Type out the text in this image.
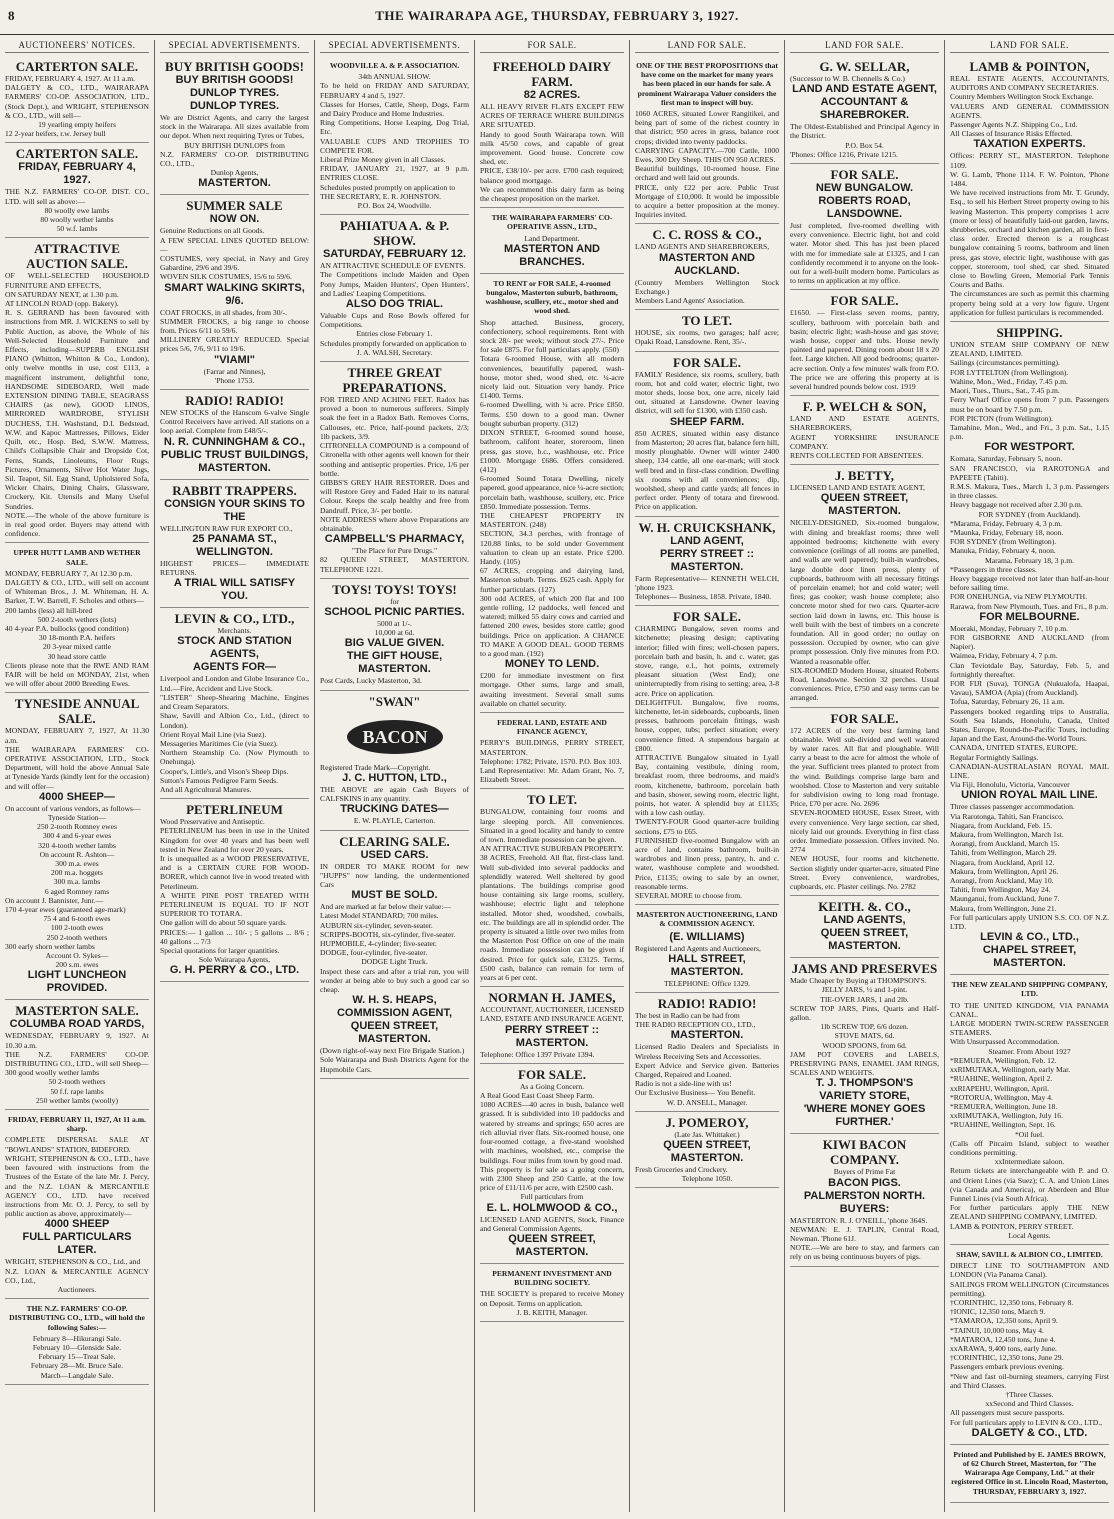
8	THE WAIRARAPA AGE, THURSDAY, FEBRUARY 3, 1927.
AUCTIONEERS' NOTICES.
CARTERTON SALE.
FRIDAY, FEBRUARY 4, 1927. At 11 a.m.
DALGETY & CO., LTD., WAIRARAPA FARMERS' CO-OP. ASSOCIATION, LTD., (Stock Dept.), and WRIGHT, STEPHENSON & CO., LTD., will sell—
19 yearling empty heifers
12 2-year heifers, r.w. Jersey bull
CARTERTON SALE.
FRIDAY, FEBRUARY 4, 1927.
THE N.Z. FARMERS' CO-OP. DIST. CO., LTD. will sell as above:—
80 woolly ewe lambs
80 woolly wether lambs
50 w.f. lambs
ATTRACTIVE AUCTION SALE.
OF WELL-SELECTED HOUSEHOLD FURNITURE AND EFFECTS,
ON SATURDAY NEXT, at 1.30 p.m.
AT LINCOLN ROAD (opp. Bakery).
R. S. GERRAND has been favoured with instructions from MR. J. WICKENS to sell by Public Auction, as above, the Whole of his Well-Selected Household Furniture and Effects, including—SUPERB ENGLISH PIANO (Whitton, Whitton & Co., London), only twelve months in use, cost £113, a magnificent instrument, delightful tone, HANDSOME SIDEBOARD, Well made EXTENSION DINING TABLE, SEAGRASS CHAIRS (as new), GOOD LINOS, MIRRORED WARDROBE, STYLISH DUCHESS, T.H. Washstand, D.I. Bedstead, W.W. and Kapoc Mattresses, Pillows, Eider Quilt, etc., Hosp. Bed, S.W.W. Mattress, Child's Collapsible Chair and Dropside Cot, Ferns, Stands, Linoleums, Floor Rugs, Pictures, Ornaments, Silver Hot Water Jugs, Sil. Teapot, Sil. Egg Stand, Upholstered Sofa, Wicker Chairs, Dining Chairs, Glassware, Crockery, Kit. Utensils and Many Useful Sundries.
NOTE.—The whole of the above furniture is in real good order. Buyers may attend with confidence.
UPPER HUTT LAMB AND WETHER SALE.
MONDAY, FEBRUARY 7, At 12.30 p.m.
DALGETY & CO., LTD., will sell on account of Whiteman Bros., J. M. Whiteman, H. A. Barker, T. W. Barrell, F. Scholes and others—
200 lambs (less) all hill-bred
500 2-tooth wethers (lots)
40 4-year P.A. bullocks (good condition)
30 18-month P.A. heifers
20 3-year mixed cattle
30 head store cattle
Clients please note that the RWE AND RAM FAIR will be held on MONDAY, 21st, when we will offer about 2000 Breeding Ewes.
TYNESIDE ANNUAL SALE.
MONDAY, FEBRUARY 7, 1927, At 11.30 a.m.
THE WAIRARAPA FARMERS' CO-OPERATIVE ASSOCIATION, LTD., Stock Department, will hold the above Annual Sale at Tyneside Yards (kindly lent for the occasion) and will offer—
4000 SHEEP—
On account of various vendors, as follows—
Tyneside Station—
250 2-tooth Romney ewes
300 4 and 6-year ewes
320 4-tooth wether lambs
On account R. Ashton—
300 m.a. ewes
200 m.a. hoggets
300 m.a. lambs
6 aged Romney rams
On account J. Bannister, Junr.—
170 4-year ewes (guaranteed age-mark)
75 4 and 6-tooth ewes
100 2-tooth ewes
250 2-tooth wethers
300 early shorn wether lambs
Account O. Sykes—
200 s.m. ewes
LIGHT LUNCHEON PROVIDED.
MASTERTON SALE.
COLUMBA ROAD YARDS,
WEDNESDAY, FEBRUARY 9, 1927. At 10.30 a.m.
THE N.Z. FARMERS' CO-OP. DISTRIBUTING CO., LTD., will sell Sheep—
300 good woolly wether lambs
50 2-tooth wethers
50 f.f. rape lambs
250 wether lambs (woolly)
FRIDAY, FEBRUARY 11, 1927, At 11 a.m. sharp.
COMPLETE DISPERSAL SALE AT "BOWLANDS" STATION, BIDEFORD.
WRIGHT, STEPHENSON & CO., LTD., have been favoured with instructions from the Trustees of the Estate of the late Mr. J. Percy, and the N.Z. LOAN & MERCANTILE AGENCY CO., LTD. have received instructions from Mr. O. J. Percy, to sell by public auction as above, approximately—
4000 SHEEP
FULL PARTICULARS LATER.
WRIGHT, STEPHENSON & CO., Ltd., and
N.Z. LOAN & MERCANTILE AGENCY CO., Ltd.,
Auctioneers.
THE N.Z. FARMERS' CO-OP. DISTRIBUTING CO., LTD., will hold the following Sales:—
February 8—Hikurangi Sale.
February 10—Glenside Sale.
February 15—Treat Sale.
February 28—Mt. Bruce Sale.
March—Langdale Sale.
SPECIAL ADVERTISEMENTS.
BUY BRITISH GOODS!
BUY BRITISH GOODS!
DUNLOP TYRES.
DUNLOP TYRES.
We are District Agents, and carry the largest stock in the Wairarapa. All sizes available from our depot. When next requiring Tyres or Tubes,
BUY BRITISH DUNLOPS from
N.Z. FARMERS' CO-OP. DISTRIBUTING CO., LTD.,
Dunlop Agents,
MASTERTON.
SUMMER SALE
NOW ON.
Genuine Reductions on all Goods.
A FEW SPECIAL LINES QUOTED BELOW:—
COSTUMES, very special, in Navy and Grey Gabardine, 29/6 and 39/6.
WOVEN SILK COSTUMES, 15/6 to 59/6.
SMART WALKING SKIRTS, 9/6.
COAT FROCKS, in all shades, from 30/-.
SUMMER FROCKS, a big range to choose from. Prices 6/11 to 59/6.
MILLINERY GREATLY REDUCED. Special prices 5/6, 7/6, 9/11 to 19/6.
"VIAMI"
(Farrar and Ninnes),
'Phone 1753.
RADIO! RADIO!
NEW STOCKS of the Hanscom 6-valve Single Control Receivers have arrived. All stations on a loop aerial. Complete from £48/5/-.
N. R. CUNNINGHAM & CO.,
PUBLIC TRUST BUILDINGS,
MASTERTON.
RABBIT TRAPPERS.
CONSIGN YOUR SKINS TO THE
WELLINGTON RAW FUR EXPORT CO.,
25 PANAMA ST., WELLINGTON.
HIGHEST PRICES— IMMEDIATE RETURNS.
A TRIAL WILL SATISFY YOU.
LEVIN & CO., LTD.,
Merchants.
STOCK AND STATION AGENTS,
AGENTS FOR—
Liverpool and London and Globe Insurance Co., Ltd.—Fire, Accident and Live Stock.
"LISTER" Sheep-Shearing Machine, Engines and Cream Separators.
Shaw, Savill and Albion Co., Ltd., (direct to London).
Orient Royal Mail Line (via Suez).
Messageries Maritimes Cie (via Suez).
Northern Steamship Co. (Now Plymouth to Onehunga).
Cooper's, Little's, and Vison's Sheep Dips.
Sutton's Famous Pedigree Farm Seeds.
And all Agricultural Manures.
PETERLINEUM
Wood Preservative and Antiseptic.
PETERLINEUM has been in use in the United Kingdom for over 40 years and has been well tested in New Zealand for over 20 years.
It is unequalled as a WOOD PRESERVATIVE, and is a CERTAIN CURE FOR WOOD-BORER, which cannot live in wood treated with Peterlineum.
A WHITE PINE POST TREATED WITH PETERLINEUM IS EQUAL TO IF NOT SUPERIOR TO TOTARA.
One gallon will do about 50 square yards.
PRICES:— 1 gallon ... 10/- ; 5 gallons ... 8/6 ; 40 gallons ... 7/3
Special quotations for larger quantities.
Sole Wairarapa Agents,
G. H. PERRY & CO., LTD.
SPECIAL ADVERTISEMENTS.
WOODVILLE A. & P. ASSOCIATION.
34th ANNUAL SHOW.
To be held on FRIDAY AND SATURDAY, FEBRUARY 4 and 5, 1927.
Classes for Horses, Cattle, Sheep, Dogs, Farm and Dairy Produce and Home Industries.
Ring Competitions, Horse Leaping, Dog Trial, Etc.
VALUABLE CUPS AND TROPHIES TO COMPETE FOR.
Liberal Prize Money given in all Classes.
FRIDAY, JANUARY 21, 1927, at 9 p.m. ENTRIES CLOSE.
Schedules posted promptly on application to
THE SECRETARY, E. R. JOHNSTON.
P.O. Box 24, Woodville.
PAHIATUA A. & P. SHOW.
SATURDAY, FEBRUARY 12.
AN ATTRACTIVE SCHEDULE OF EVENTS.
The Competitions include Maiden and Open Pony Jumps, Maiden Hunters', Open Hunters', and Ladies' Leaping Competitions.
ALSO DOG TRIAL.
Valuable Cups and Rose Bowls offered for Competitions.
Entries close February 1.
Schedules promptly forwarded on application to
J. A. WALSH, Secretary.
THREE GREAT PREPARATIONS.
FOR TIRED AND ACHING FEET. Radox has proved a boon to numerous sufferers. Simply soak the feet in a Radox Bath. Removes Corns, Callouses, etc. Price, half-pound packets, 2/3; 1lb packets, 3/9.
CITRONELLA COMPOUND is a compound of Citronella with other agents well known for their soothing and antiseptic properties. Price, 1/6 per bottle.
GIBBS'S GREY HAIR RESTORER. Does and will Restore Grey and Faded Hair to its natural Colour. Keeps the scalp healthy and free from Dandruff. Price, 3/- per bottle.
NOTE ADDRESS where above Preparations are obtainable.
CAMPBELL'S PHARMACY,
"The Place for Pure Drugs."
82 QUEEN STREET, MASTERTON. TELEPHONE 1221.
TOYS! TOYS! TOYS!
for
SCHOOL PICNIC PARTIES.
5000 at 1/-.
10,000 at 6d.
BIG VALUE GIVEN.
THE GIFT HOUSE,
MASTERTON.
Post Cards, Lucky Masterton, 3d.
"SWAN"
BACON
Registered Trade Mark—Copyright.
J. C. HUTTON, LTD.,
THE ABOVE are again Cash Buyers of CALFSKINS in any quantity.
TRUCKING DATES—
E. W. PLAYLE, Carterton.
CLEARING SALE.
USED CARS.
IN ORDER TO MAKE ROOM for new "HUPPS" now landing, the undermentioned Cars
MUST BE SOLD.
And are marked at far below their value:—
Latest Model STANDARD; 700 miles.
AUBURN six-cylinder, seven-seater.
SCRIPPS-BOOTH, six-cylinder, five-seater.
HUPMOBILE, 4-cylinder; five-seater.
DODGE, four-cylinder, five-seater.
DODGE Light Truck.
Inspect these cars and after a trial run, you will wonder at being able to buy such a good car so cheap.
W. H. S. HEAPS,
COMMISSION AGENT,
QUEEN STREET, MASTERTON.
(Down right-of-way next Fire Brigade Station.)
Sole Wairarapa and Bush Districts Agent for the Hupmobile Cars.
FOR SALE.
FREEHOLD DAIRY FARM.
82 ACRES.
ALL HEAVY RIVER FLATS EXCEPT FEW ACRES OF TERRACE WHERE BUILDINGS ARE SITUATED.
Handy to good South Wairarapa town. Will milk 45/50 cows, and capable of great improvement. Good house. Concrete cow shed, etc.
PRICE, £38/10/- per acre. £700 cash required; balance good mortgage.
We can recommend this dairy farm as being the cheapest proposition on the market.
THE WAIRARAPA FARMERS' CO-OPERATIVE ASSN., LTD.,
Land Department.
MASTERTON AND BRANCHES.
TO RENT or FOR SALE, 4-roomed bungalow, Masterton suburb, bathroom, washhouse, scullery, etc., motor shed and wood shed.
Shop attached. Business, grocery, confectionery, school requirements. Rent with stock 28/- per week; without stock 27/-. Price for sale £875. For full particulars apply. (550)
Totara 6-roomed House, with all modern conveniences, beautifully papered, wash-house, motor shed, wood shed, etc. ¼-acre nicely laid out. Situation very handy. Price £1400. Terms.
6-roomed Dwelling, with ¼ acre. Price £850. Terms. £50 down to a good man. Owner bought suburban property. (312)
DIXON STREET, 6-roomed sound house, bathroom, califont heater, storeroom, linen press, gas stove, h.c., washhouse, etc. Price £1000. Mortgage £686. Offers considered. (412)
6-roomed Sound Totara Dwelling, nicely papered, good appearance, nice ¼-acre section; porcelain bath, washhouse, scullery, etc. Price £850. Immediate possession. Terms.
THE CHEAPEST PROPERTY IN MASTERTON. (248)
SECTION, 34.3 perches, with frontage of 120.88 links, to be sold under Government valuation to clean up an estate. Price £200. Handy. (105)
67 ACRES, cropping and dairying land, Masterton suburb. Terms. £625 cash. Apply for further particulars. (127)
300 odd ACRES, of which 200 flat and 100 gentle rolling, 12 paddocks, well fenced and watered; milked 55 dairy cows and carried and fattened 200 ewes, besides store cattle; good buildings. Price on application. A CHANCE TO MAKE A GOOD DEAL. GOOD TERMS to a good man. (192)
MONEY TO LEND.
£200 for immediate investment on first mortgage. Other sums, large and small, awaiting investment. Several small sums available on chattel security.
FEDERAL LAND, ESTATE AND FINANCE AGENCY,
PERRY'S BUILDINGS, PERRY STREET, MASTERTON.
Telephone: 1782; Private, 1570. P.O. Box 103.
Land Representative: Mr. Adam Grant, No. 7, Elizabeth Street.
TO LET.
BUNGALOW, containing four rooms and large sleeping porch. All conveniences. Situated in a good locality and handy to centre of town. Immediate possession can be given.
AN ATTRACTIVE SUBURBAN PROPERTY.
38 ACRES, Freehold. All flat, first-class land. Well sub-divided into several paddocks and splendidly watered. Well sheltered by good plantations. The buildings comprise good house containing six large rooms, scullery, washhouse; electric light and telephone installed. Motor shed, woodshed, cowbails, etc. The buildings are all in splendid order. The property is situated a little over two miles from the Masterton Post Office on one of the main roads. Immediate possession can be given if desired. Price for quick sale, £3125. Terms, £500 cash, balance can remain for term of years at 6 per cent.
NORMAN H. JAMES,
ACCOUNTANT, AUCTIONEER, LICENSED LAND, ESTATE AND INSURANCE AGENT,
PERRY STREET :: MASTERTON.
Telephone: Office 1397 Private 1394.
FOR SALE.
As a Going Concern.
A Real Good East Coast Sheep Farm.
1080 ACRES—40 acres in bush, balance well grassed. It is subdivided into 10 paddocks and watered by streams and springs; 650 acres are rich alluvial river flats. Six-roomed house, one four-roomed cottage, a five-stand woolshed with machines, woolshed, etc., comprise the buildings. Four miles from town by good road.
This property is for sale as a going concern, with 2300 Sheep and 250 Cattle, at the low price of £11/11/6 per acre, with £2500 cash.
Full particulars from
E. L. HOLMWOOD & CO.,
LICENSED LAND AGENTS, Stock, Finance and General Commission Agents,
QUEEN STREET, MASTERTON.
PERMANENT INVESTMENT AND BUILDING SOCIETY.
THE SOCIETY is prepared to receive Money on Deposit. Terms on application.
J. B. KEITH, Manager.
LAND FOR SALE.
ONE OF THE BEST PROPOSITIONS that have come on the market for many years has been placed in our hands for sale. A prominent Wairarapa Valuer considers the first man to inspect will buy.
1060 ACRES, situated Lower Rangitikei, and being part of some of the richest country in that district; 950 acres in grass, balance root crops; divided into twenty paddocks.
CARRYING CAPACITY.—700 Cattle, 1000 Ewes, 300 Dry Sheep. THIS ON 950 ACRES.
Beautiful buildings, 10-roomed house. Fine orchard and well laid out grounds.
PRICE, only £22 per acre. Public Trust Mortgage of £10,000. It would be impossible to acquire a better proposition at the money. Inquiries invited.
C. C. ROSS & CO.,
LAND AGENTS AND SHAREBROKERS,
MASTERTON AND AUCKLAND.
(Country Members Wellington Stock Exchange.)
Members Land Agents' Association.
TO LET.
HOUSE, six rooms, two garages; half acre; Opaki Road, Lansdowne. Rent, 35/-.
FOR SALE.
FAMILY Residence, six rooms, scullery, bath room, hot and cold water, electric light, two motor sheds, loose box, one acre, nicely laid out, situated at Lansdowne. Owner leaving district, will sell for £1300, with £350 cash.
SHEEP FARM.
850 ACRES, situated within easy distance from Masterton; 20 acres flat, balance fern hill, mostly ploughable. Owner will winter 2400 sheep, 134 cattle, all one ear-mark; will stock well bred and in first-class condition. Dwelling six rooms with all conveniences; dip, woolshed, sheep and cattle yards; all fences in perfect order. Plenty of totara and firewood. Price on application.
W. H. CRUICKSHANK,
LAND AGENT,
PERRY STREET :: MASTERTON.
Farm Representative— KENNETH WELCH, 'phone 1923.
Telephones— Business, 1858. Private, 1840.
FOR SALE.
CHARMING Bungalow, seven rooms and kitchenette; pleasing design; captivating interior; filled with fires; well-chosen papers, porcelain bath and basin, h. and c. water, gas stove, range, e.l., hot points, extremely pleasant situation (West End); one uninterruptedly from rising to setting; area, 3-8 acre. Price on application.
DELIGHTFUL Bungalow, five rooms, kitchenette, let-in sideboards, cupboards, linen presses, bathroom porcelain fittings, wash house, copper, tubs; perfect situation; every convenience fitted. A stupendous bargain at £800.
ATTRACTIVE Bungalow situated in Lyall Bay, containing vestibule, dining room, breakfast room, three bedrooms, and maid's room, kitchenette, bathroom, porcelain bath and basin, shower, sewing room, electric light, points, hot water. A splendid buy at £1135; with a low cash outlay.
TWENTY-FOUR Good quarter-acre building sections, £75 to £65.
FURNISHED five-roomed Bungalow with an acre of land, contains bathroom, built-in wardrobes and linen press, pantry, h. and c. water, washhouse complete and woodshed. Price, £1135; owing to sale by an owner, reasonable terms.
SEVERAL MORE to choose from.
MASTERTON AUCTIONEERING, LAND & COMMISSION AGENCY.
(E. WILLIAMS)
Registered Land Agents and Auctioneers,
HALL STREET, MASTERTON.
TELEPHONE: Office 1329.
RADIO! RADIO!
The best in Radio can be had from
THE RADIO RECEPTION CO., LTD.,
MASTERTON.
Licensed Radio Dealers and Specialists in Wireless Receiving Sets and Accessories.
Expert Advice and Service given. Batteries Charged, Repaired and Loaned.
Radio is not a side-line with us!
Our Exclusive Business— You Benefit.
W. D. ANSELL, Manager.
J. POMEROY,
(Late Jas. Whittaker.)
QUEEN STREET, MASTERTON.
Fresh Groceries and Crockery.
Telephone 1050.
LAND FOR SALE.
G. W. SELLAR,
(Successor to W. B. Chennells & Co.)
LAND AND ESTATE AGENT,
ACCOUNTANT & SHAREBROKER.
The Oldest-Established and Principal Agency in the District.
P.O. Box 54.
'Phones: Office 1216, Private 1215.
FOR SALE.
NEW BUNGALOW.
ROBERTS ROAD, LANSDOWNE.
Just completed, five-roomed dwelling with every convenience. Electric light, hot and cold water. Motor shed. This has just been placed with me for immediate sale at £1325, and I can confidently recommend it to anyone on the look-out for a well-built modern home. Particulars as to terms on application at my office.
FOR SALE.
£1650. — First-class seven rooms, pantry, scullery, bathroom with porcelain bath and basin; electric light; wash-house and gas stove; wash house, copper and tubs. House newly painted and papered. Dining room about 18 x 20 feet. Large kitchen. All good bedrooms; quarter-acre section. Only a few minutes' walk from P.O. The price we are offering this property at is several hundred pounds below cost. 1919
F. P. WELCH & SON,
LAND AND ESTATE AGENTS, SHAREBROKERS,
AGENT YORKSHIRE INSURANCE COMPANY.
RENTS COLLECTED FOR ABSENTEES.
J. BETTY,
LICENSED LAND AND ESTATE AGENT,
QUEEN STREET, MASTERTON.
NICELY-DESIGNED, Six-roomed bungalow, with dining and breakfast rooms; three well appointed bedrooms; kitchenette with every convenience (ceilings of all rooms are panelled, and walls are well papered); built-in wardrobes, large double door linen press, plenty of cupboards, bathroom with all necessary fittings of porcelain enamel; hot and cold water; well fires; gas cooker; wash house complete; also concrete motor shed for two cars. Quarter-acre section laid down in lawns, etc. This house is well built with the best of timbers on a concrete foundation. All in good order; no outlay on possession. Occupied by owner, who can give prompt possession. Only five minutes from P.O. Wanted a reasonable offer.
SIX-ROOMED Modern House, situated Roberts Road, Lansdowne. Section 32 perches. Usual conveniences. Price, £750 and easy terms can be arranged.
FOR SALE.
172 ACRES of the very best farming land obtainable. Well sub-divided and well watered by water races. All flat and ploughable. Will carry a beast to the acre for almost the whole of the year. Sufficient trees planted to protect from the wind. Buildings comprise large barn and woolshed. Close to Masterton and very suitable for subdivision owing to long road frontage. Price, £70 per acre. No. 2696
SEVEN-ROOMED HOUSE, Essex Street, with every convenience. Very large section, car shed, nicely laid out grounds. Everything in first class order. Immediate possession. Offers invited. No. 2774
NEW HOUSE, four rooms and kitchenette. Section slightly under quarter-acre, situated Pine Street. Every convenience, wardrobes, cupboards, etc. Plaster ceilings. No. 2782
KEITH. &. CO.,
LAND AGENTS,
QUEEN STREET, MASTERTON.
JAMS AND PRESERVES
Made Cheaper by Buying at THOMPSON'S.
JELLY JARS, ½ and 1-pint.
TIE-OVER JARS, 1 and 2lb.
SCREW TOP JARS, Pints, Quarts and Half-gallon.
1lb SCREW TOP, 6/6 dozen.
STOVE MATS, 6d.
WOOD SPOONS, from 6d.
JAM POT COVERS and LABELS, PRESERVING PANS, ENAMEL JAM RINGS, SCALES AND WEIGHTS.
T. J. THOMPSON'S
VARIETY STORE,
'WHERE MONEY GOES FURTHER.'
KIWI BACON COMPANY.
Buyers of Prime Fat
BACON PIGS.
PALMERSTON NORTH.
BUYERS:
MASTERTON: R. J. O'NEILL, 'phone 364S.
NEWMAN: E. J. TAPLIN, Central Road, Newman. 'Phone 61J.
NOTE.—We are here to stay, and farmers can rely on us being continuous buyers of pigs.
LAND FOR SALE.
LAMB & POINTON,
REAL ESTATE AGENTS, ACCOUNTANTS, AUDITORS AND COMPANY SECRETARIES.
Country Members Wellington Stock Exchange.
VALUERS AND GENERAL COMMISSION AGENTS.
Passenger Agents N.Z. Shipping Co., Ltd.
All Classes of Insurance Risks Effected.
TAXATION EXPERTS.
Offices: PERRY ST., MASTERTON. Telephone 1109.
W. G. Lamb, 'Phone 1114. F. W. Pointon, 'Phone 1484.
We have received instructions from Mr. T. Grundy, Esq., to sell his Herbert Street property owing to his leaving Masterton. This property comprises 1 acre (more or less) of beautifully laid-out garden, lawns, shrubberies, orchard and kitchen garden, all in first-class order. Erected thereon is a roughcast bungalow containing 5 rooms, bathroom and linen press, gas stove, electric light, washhouse with gas copper, storeroom, tool shed, car shed. Situated close to Bowling Green, Memorial Park Tennis Courts and Baths.
The circumstances are such as permit this charming property being sold at a very low figure. Urgent application for fullest particulars is recommended.
SHIPPING.
UNION STEAM SHIP COMPANY OF NEW ZEALAND, LIMITED.
Sailings (circumstances permitting).
FOR LYTTELTON (from Wellington).
Wahine, Mon., Wed., Friday, 7.45 p.m.
Maori, Tues., Thurs., Sat., 7.45 p.m.
Ferry Wharf Office opens from 7 p.m. Passengers must be on board by 7.50 p.m.
FOR PICTON (from Wellington).
Tamahine, Mon., Wed., and Fri., 3 p.m. Sat., 1.15 p.m.
FOR WESTPORT.
Komata, Saturday, February 5, noon.
SAN FRANCISCO, via RAROTONGA and PAPEETE (Tahiti).
R.M.S. Makura, Tues., March 1, 3 p.m. Passengers in three classes.
Heavy baggage not received after 2.30 p.m.
FOR SYDNEY (from Auckland).
*Marama, Friday, February 4, 3 p.m.
*Maunka, Friday, February 18, noon.
FOR SYDNEY (from Wellington).
Manuka, Friday, February 4, noon.
Marama, February 18, 3 p.m.
*Passengers in three classes.
Heavy baggage received not later than half-an-hour before sailing time.
FOR ONEHUNGA, via NEW PLYMOUTH.
Rarawa, from New Plymouth, Tues. and Fri., 8 p.m.
FOR MELBOURNE.
Moeraki, Monday, February 7, 10 p.m.
FOR GISBORNE AND AUCKLAND (from Napier).
Waimea, Friday, February 4, 7 p.m.
Clan Teviotdale Bay, Saturday, Feb. 5, and fortnightly thereafter.
FOR FIJI (Suva), TONGA (Nukualofa, Haapai, Vavau), SAMOA (Apia) (from Auckland).
Tofua, Saturday, February 26, 11 a.m.
Passengers booked regarding trips to Australia, South Sea Islands, Honolulu, Canada, United States, Europe, Round-the-Pacific Tours, including Japan and the East, Around-the-World Tours.
CANADA, UNITED STATES, EUROPE.
Regular Fortnightly Sailings.
CANADIAN-AUSTRALASIAN ROYAL MAIL LINE.
Via Fiji, Honolulu, Victoria, Vancouver
UNION ROYAL MAIL LINE.
Three classes passenger accommodation.
Via Rarotonga, Tahiti, San Francisco.
Niagara, from Auckland, Feb. 15.
Makura, from Wellington, March 1st.
Aorangi, from Auckland, March 15.
Tahiti, from Wellington, March 29.
Niagara, from Auckland, April 12.
Makura, from Wellington, April 26.
Aorangi, from Auckland, May 10.
Tahiti, from Wellington, May 24.
Maunganui, from Auckland, June 7.
Makura, from Wellington, June 21.
For full particulars apply UNION S.S. CO. OF N.Z. LTD.
LEVIN & CO., LTD.,
CHAPEL STREET, MASTERTON.
THE NEW ZEALAND SHIPPING COMPANY, LTD.
TO THE UNITED KINGDOM, VIA PANAMA CANAL.
LARGE MODERN TWIN-SCREW PASSENGER STEAMERS.
With Unsurpassed Accommodation.
Steamer. From About 1927
*REMUERA, Wellington, Feb. 12.
xxRIMUTAKA, Wellington, early Mar.
*RUAHINE, Wellington, April 2.
xxRIAPEHU, Wellington, April.
*ROTORUA, Wellington, May 4.
*REMUERA, Wellington, June 18.
xxRIMUTAKA, Wellington, July 16.
*RUAHINE, Wellington, Sept. 16.
*Oil fuel.
(Calls off Pitcairn Island, subject to weather conditions permitting.
xxIntermediate saloon.
Return tickets are interchangeable with P. and O. and Orient Lines (via Suez); C. A. and Union Lines (via Canada and America), or Aberdeen and Blue Funnel Lines (via South Africa).
For further particulars apply THE NEW ZEALAND SHIPPING COMPANY, LIMITED.
LAMB & POINTON, PERRY STREET.
Local Agents.
SHAW, SAVILL & ALBION CO., LIMITED.
DIRECT LINE TO SOUTHAMPTON AND LONDON (Via Panama Canal).
SAILINGS FROM WELLINGTON (Circumstances permitting).
†CORINTHIC, 12,350 tons, February 8.
†IONIC, 12,350 tons, March 9.
*TAMAROA, 12,350 tons, April 9.
*TAINUI, 10,000 tons, May 4.
*MATAROA, 12,450 tons, June 4.
xxARAWA, 9,400 tons, early June.
†CORINTHIC, 12,350 tons, June 29.
Passengers embark previous evening.
*New and fast oil-burning steamers, carrying First and Third Classes.
†Three Classes.
xxSecond and Third Classes.
All passengers must secure passports.
For full particulars apply to LEVIN & CO., LTD.,
DALGETY & CO., LTD.
Printed and Published by E. JAMES BROWN, of 62 Church Street, Masterton, for "The Wairarapa Age Company, Ltd." at their registered Office in st. Lincoln Road, Masterton, THURSDAY, FEBRUARY 3, 1927.
